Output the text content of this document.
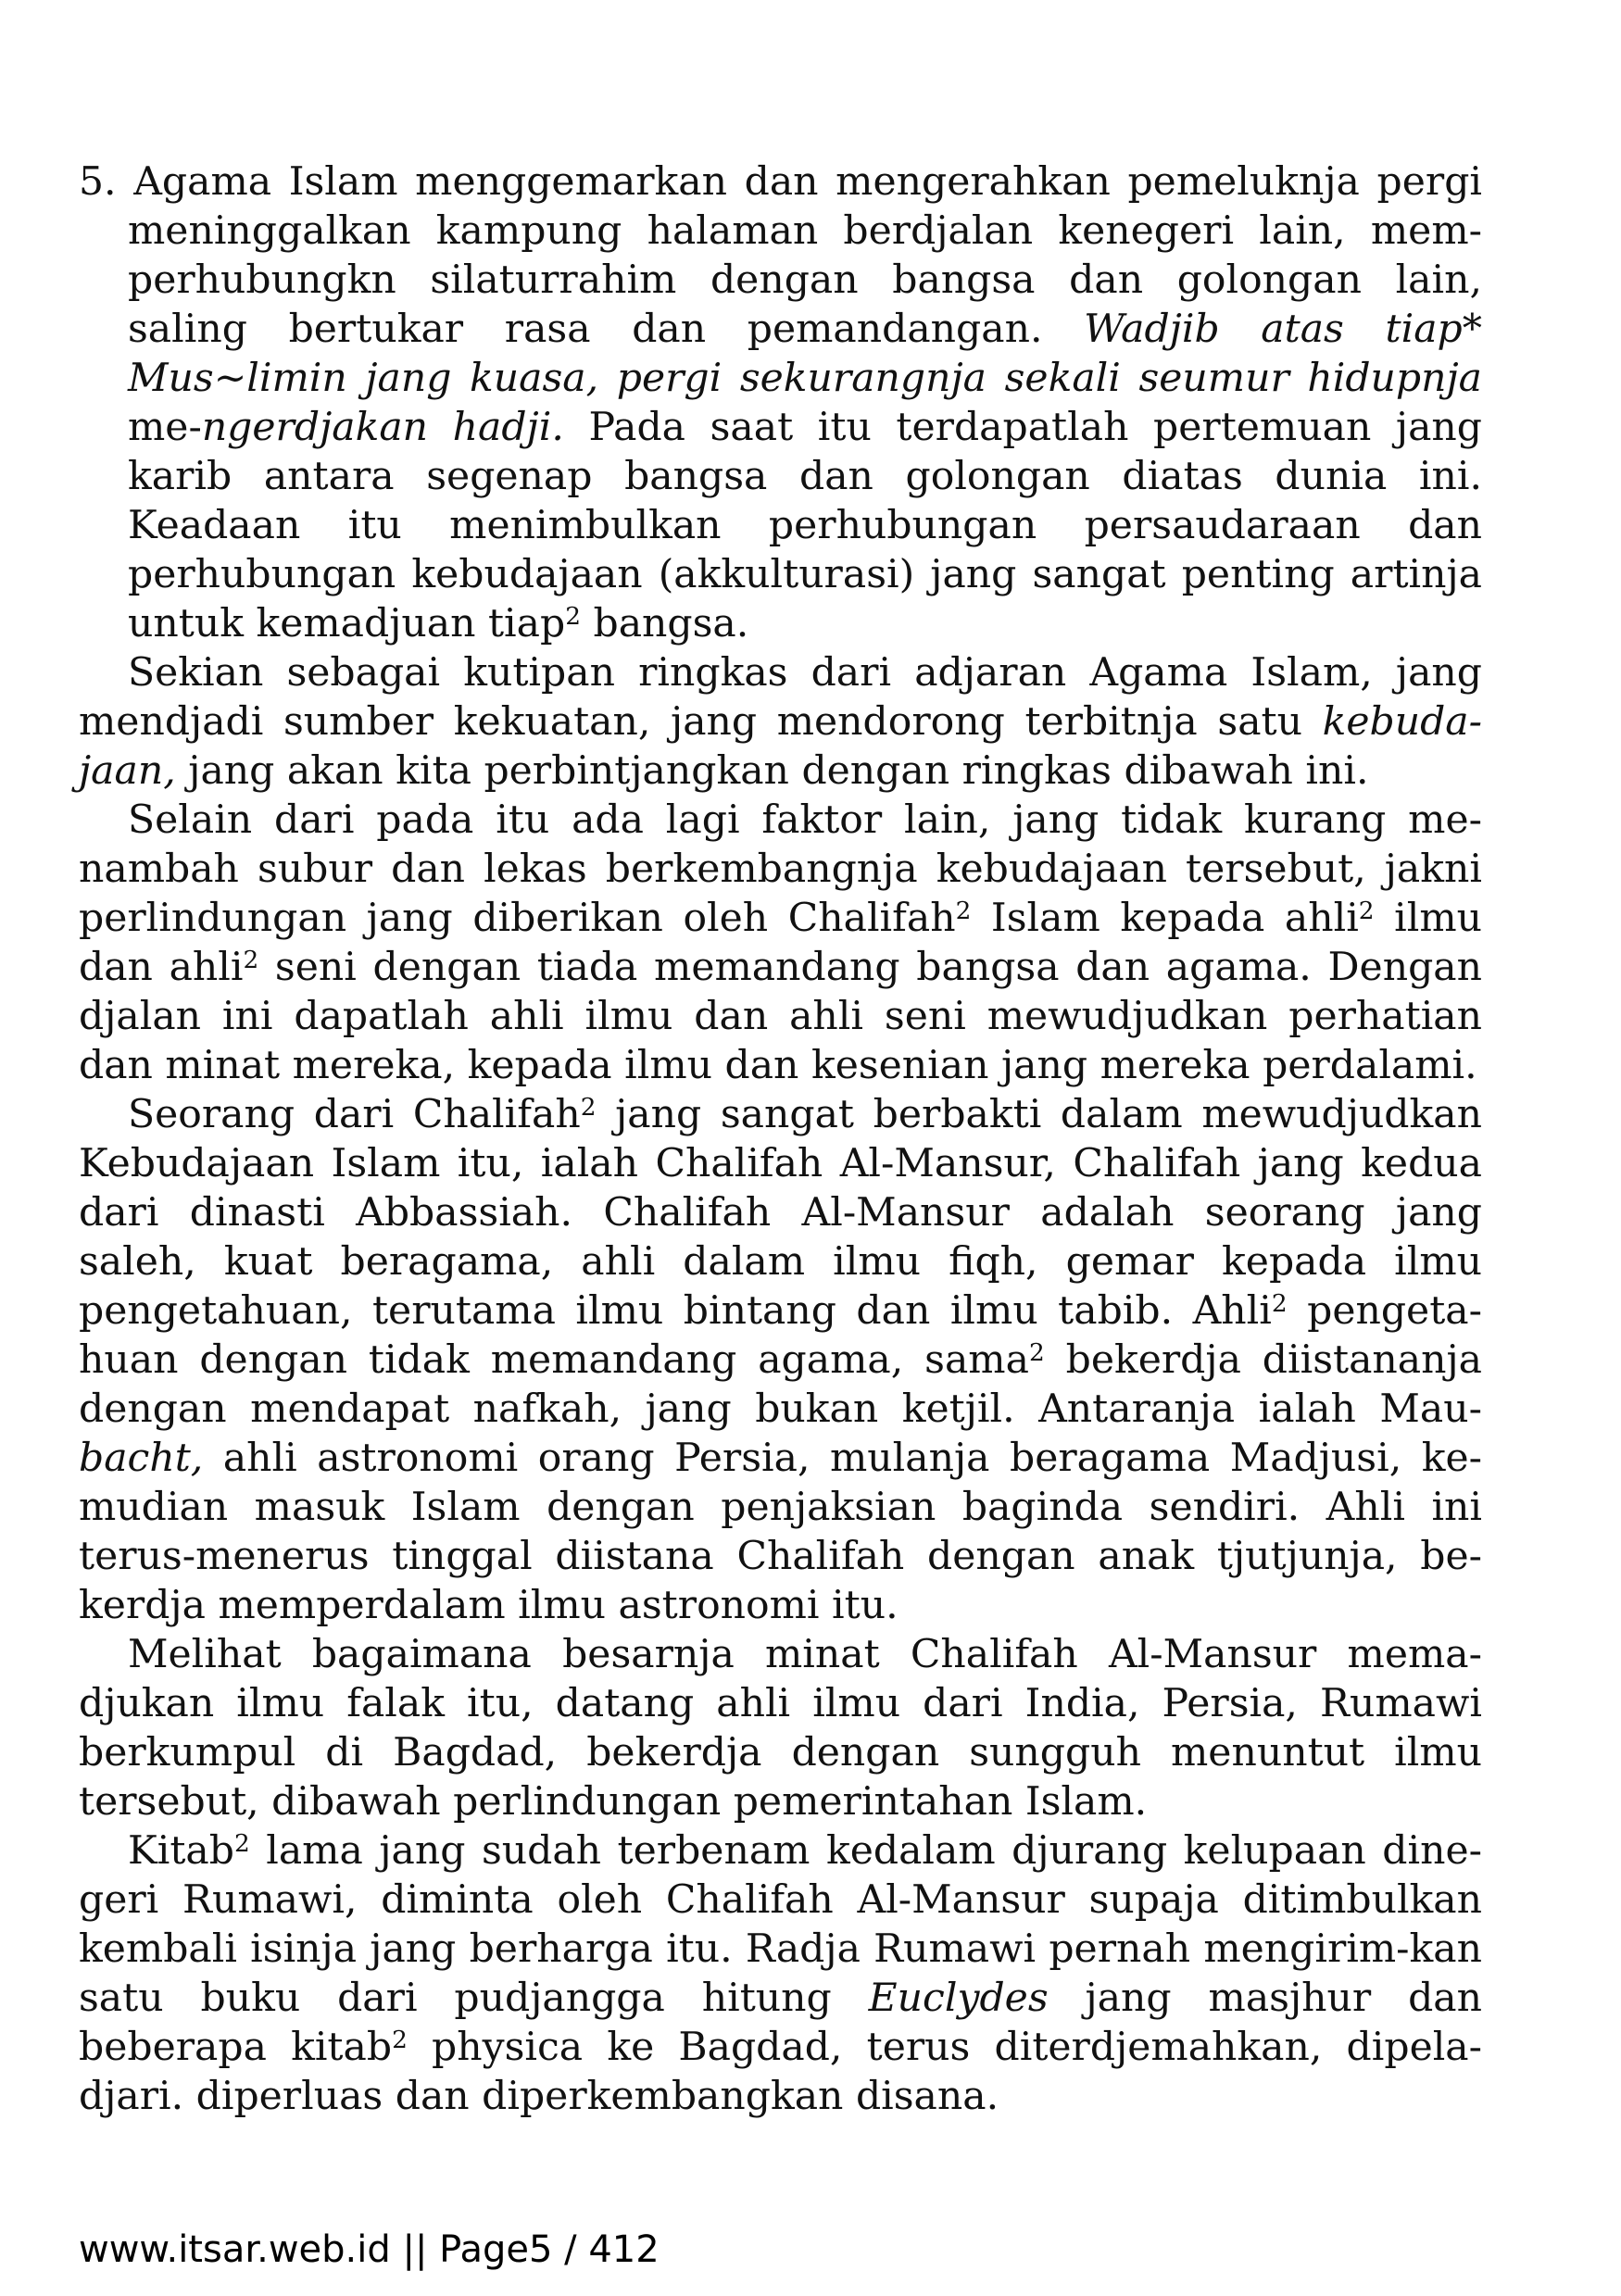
5. Agama Islam menggemarkan dan mengerahkan pemeluknja pergi meninggalkan kampung halaman berdjalan kenegeri lain, mem-perhubungkn silaturrahim dengan bangsa dan golongan lain, saling bertukar rasa dan pemandangan. Wadjib atas tiap* Mus~limin jang kuasa, pergi sekurangnja sekali seumur hidupnja me-ngerdjakan hadji. Pada saat itu terdapatlah pertemuan jang karib antara segenap bangsa dan golongan diatas dunia ini. Keadaan itu menimbulkan perhubungan persaudaraan dan perhubungan kebudajaan (akkulturasi) jang sangat penting artinja untuk kemadjuan tiap$^2$ bangsa.

Sekian sebagai kutipan ringkas dari adjaran Agama Islam, jang mendjadi sumber kekuatan, jang mendorong terbitnja satu kebuda-jaan, jang akan kita perbintjangkan dengan ringkas dibawah ini.

Selain dari pada itu ada lagi faktor lain, jang tidak kurang me-nambah subur dan lekas berkembangnja kebudajaan tersebut, jakni perlindungan jang diberikan oleh Chalifah$^2$ Islam kepada ahli$^2$ ilmu dan ahli$^2$ seni dengan tiada memandang bangsa dan agama. Dengan djalan ini dapatlah ahli ilmu dan ahli seni mewudjudkan perhatian dan minat mereka, kepada ilmu dan kesenian jang mereka perdalami.

Seorang dari Chalifah$^2$ jang sangat berbakti dalam mewudjudkan Kebudajaan Islam itu, ialah Chalifah Al-Mansur, Chalifah jang kedua dari dinasti Abbassiah. Chalifah Al-Mansur adalah seorang jang saleh, kuat beragama, ahli dalam ilmu fiqh, gemar kepada ilmu pengetahuan, terutama ilmu bintang dan ilmu tabib. Ahli$^2$ pengeta-huan dengan tidak memandang agama, sama$^2$ bekerdja diistananja dengan mendapat nafkah, jang bukan ketjil. Antaranja ialah Mau-bacht, ahli astronomi orang Persia, mulanja beragama Madjusi, ke-mudian masuk Islam dengan penjaksian baginda sendiri. Ahli ini terus-menerus tinggal diistana Chalifah dengan anak tjutjunja, be-kerdja memperdalam ilmu astronomi itu.

Melihat bagaimana besarnja minat Chalifah Al-Mansur mema-djukan ilmu falak itu, datang ahli ilmu dari India, Persia, Rumawi berkumpul di Bagdad, bekerdja dengan sungguh menuntut ilmu tersebut, dibawah perlindungan pemerintahan Islam.

Kitab$^2$ lama jang sudah terbenam kedalam djurang kelupaan dine-geri Rumawi, diminta oleh Chalifah Al-Mansur supaja ditimbulkan kembali isinja jang berharga itu. Radja Rumawi pernah mengirim-kan satu buku dari pudjangga hitung Euclydes jang masjhur dan beberapa kitab$^2$ physica ke Bagdad, terus diterdjemahkan, dipela-djari. diperluas dan diperkembangkan disana.

www.itsar.web.id || Page5 / 412
